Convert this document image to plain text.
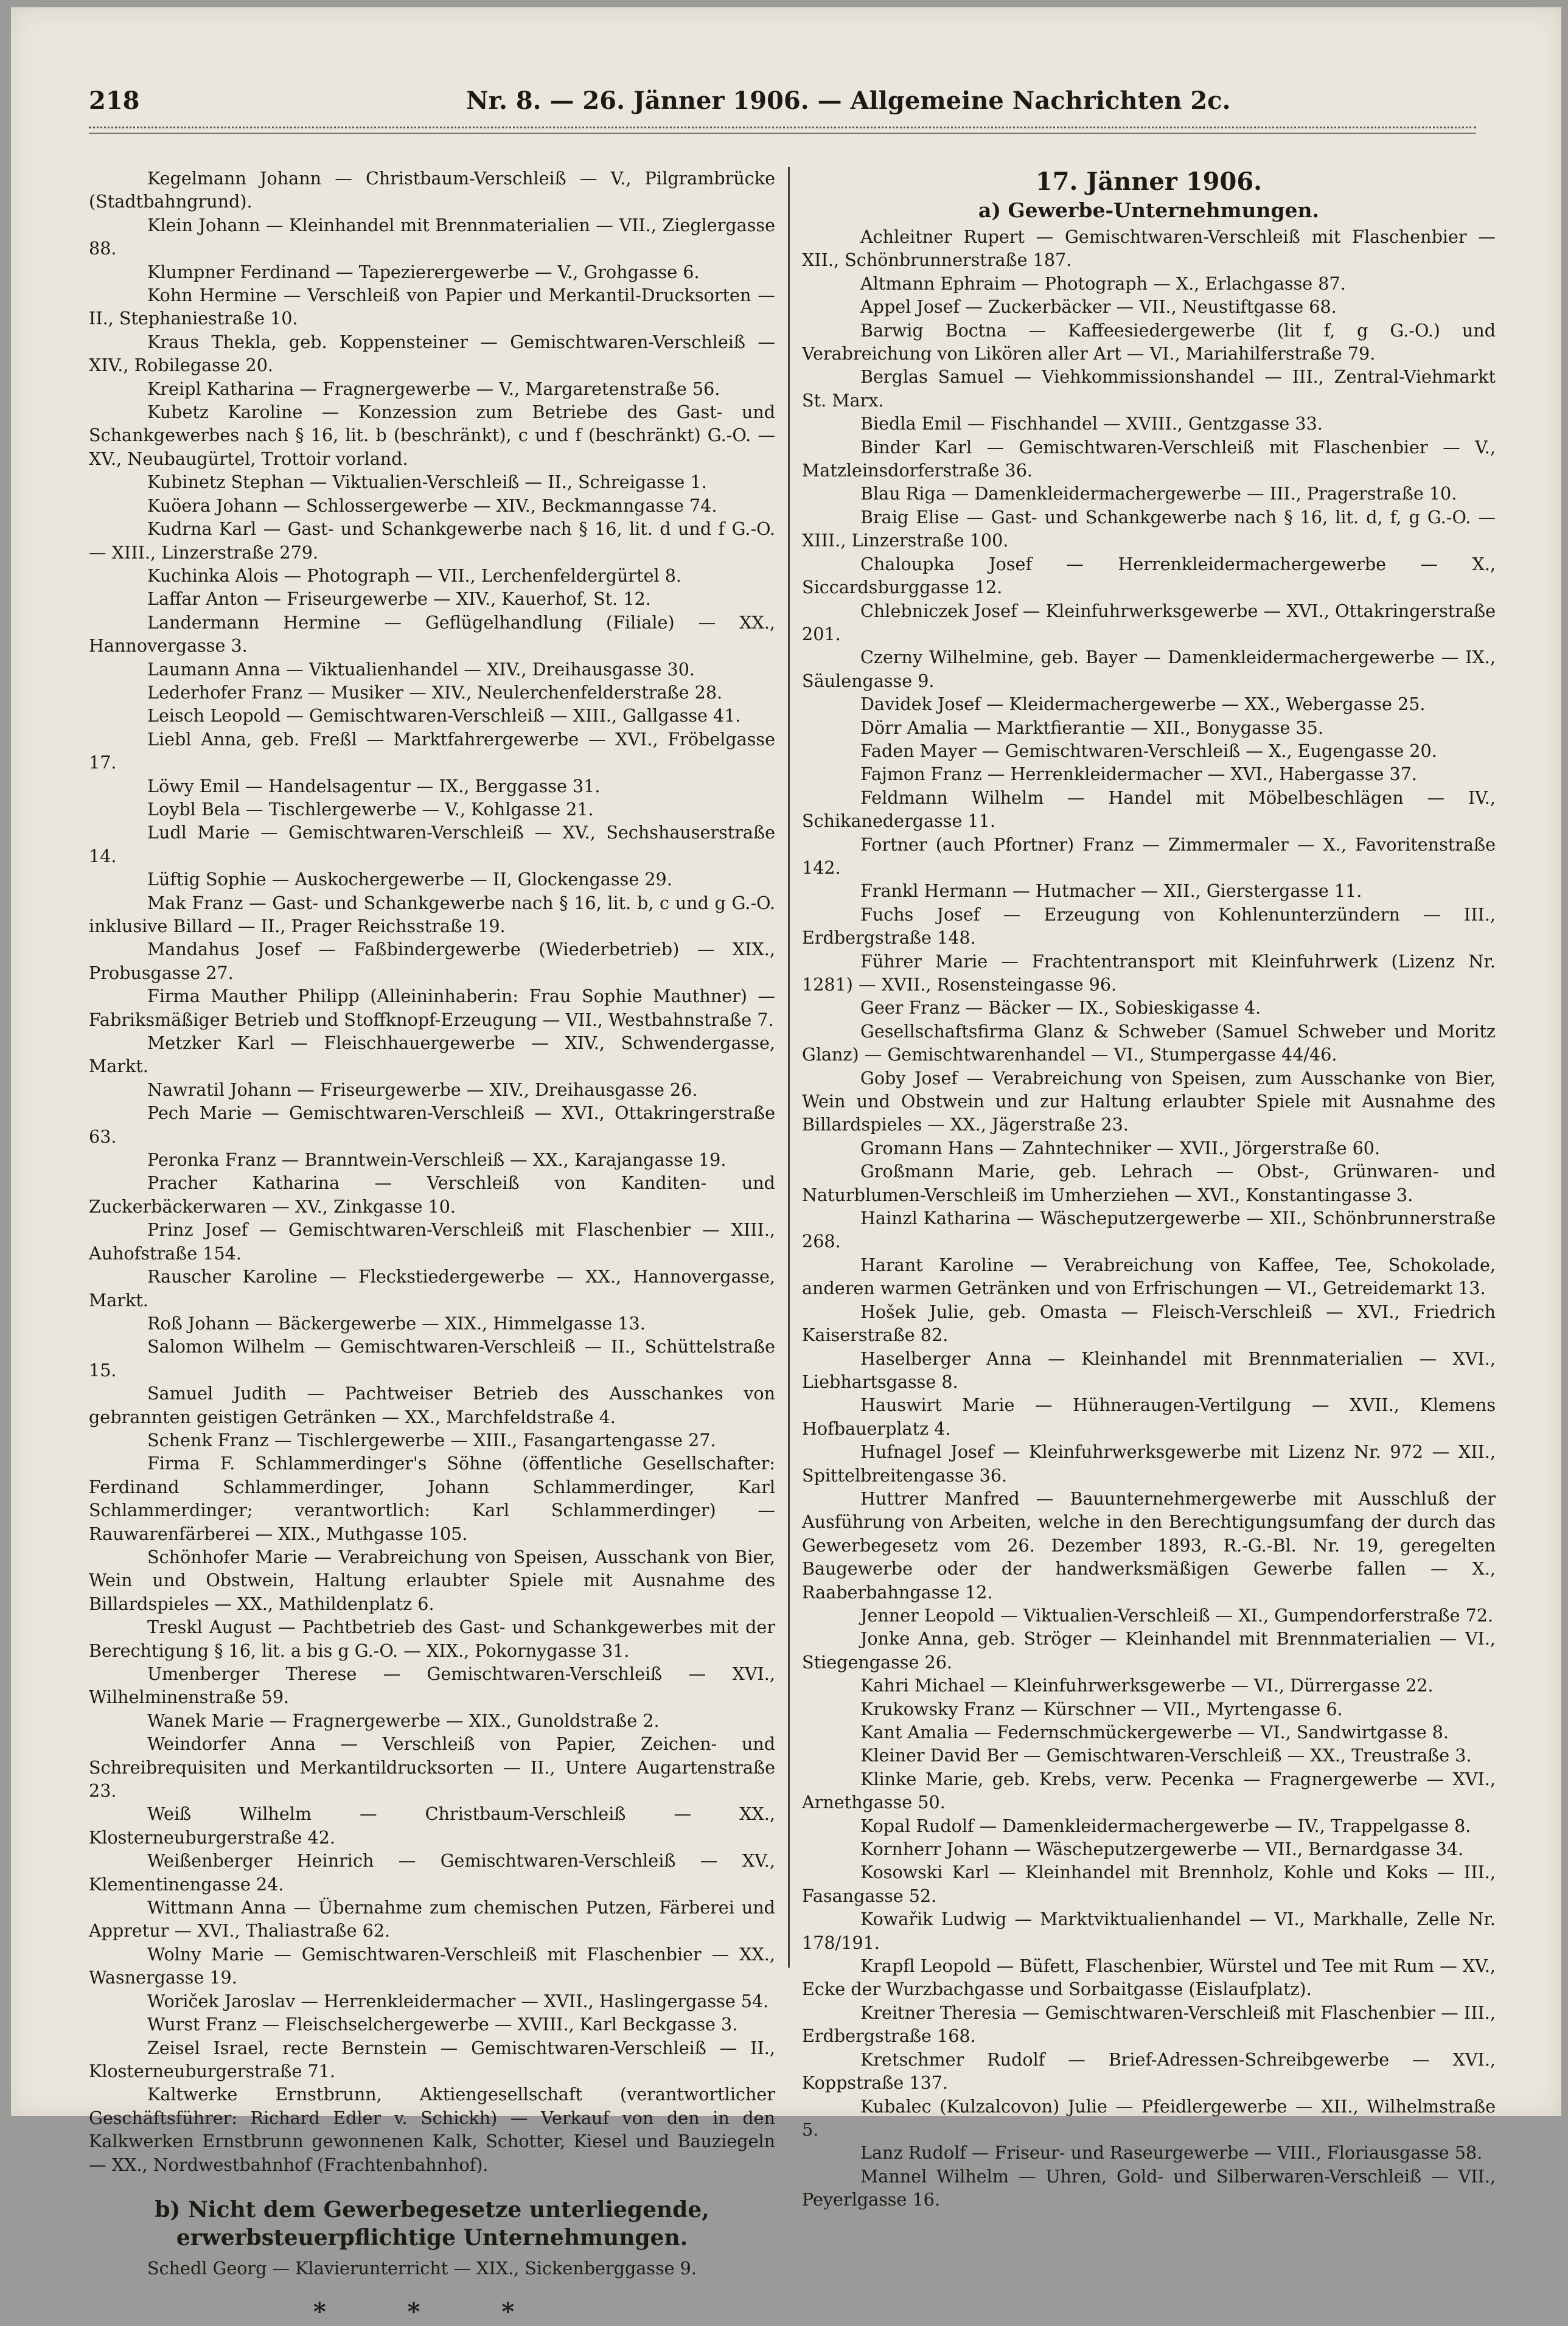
218	Nr. 8. — 26. Jänner 1906. — Allgemeine Nachrichten 2c.

Kegelmann Johann — Christbaum-Verschleiß — V., Pilgrambrücke (Stadtbahngrund).

Klein Johann — Kleinhandel mit Brennmaterialien — VII., Zieglergasse 88.

Klumpner Ferdinand — Tapezierergewerbe — V., Grohgasse 6.

Kohn Hermine — Verschleiß von Papier und Merkantil-Drucksorten — II., Stephaniestraße 10.

Kraus Thekla, geb. Koppensteiner — Gemischtwaren-Verschleiß — XIV., Robilegasse 20.

Kreipl Katharina — Fragnergewerbe — V., Margaretenstraße 56.

Kubetz Karoline — Konzession zum Betriebe des Gast- und Schankgewerbes nach § 16, lit. b (beschränkt), c und f (beschränkt) G.-O. — XV., Neubaugürtel, Trottoir vorland.

Kubinetz Stephan — Viktualien-Verschleiß — II., Schreigasse 1.

Kuöera Johann — Schlossergewerbe — XIV., Beckmanngasse 74.

Kudrna Karl — Gast- und Schankgewerbe nach § 16, lit. d und f G.-O. — XIII., Linzerstraße 279.

Kuchinka Alois — Photograph — VII., Lerchenfeldergürtel 8.

Laffar Anton — Friseurgewerbe — XIV., Kauerhof, St. 12.

Landermann Hermine — Geflügelhandlung (Filiale) — XX., Hannovergasse 3.

Laumann Anna — Viktualienhandel — XIV., Dreihausgasse 30.

Lederhofer Franz — Musiker — XIV., Neulerchenfelderstraße 28.

Leisch Leopold — Gemischtwaren-Verschleiß — XIII., Gallgasse 41.

Liebl Anna, geb. Freßl — Marktfahrergewerbe — XVI., Fröbelgasse 17.

Löwy Emil — Handelsagentur — IX., Berggasse 31.

Loybl Bela — Tischlergewerbe — V., Kohlgasse 21.

Ludl Marie — Gemischtwaren-Verschleiß — XV., Sechshauserstraße 14.

Lüftig Sophie — Auskochergewerbe — II, Glockengasse 29.

Mak Franz — Gast- und Schankgewerbe nach § 16, lit. b, c und g G.-O. inklusive Billard — II., Prager Reichsstraße 19.

Mandahus Josef — Faßbindergewerbe (Wiederbetrieb) — XIX., Probusgasse 27.

Firma Mauther Philipp (Alleininhaberin: Frau Sophie Mauthner) — Fabriksmäßiger Betrieb und Stoffknopf-Erzeugung — VII., Westbahnstraße 7.

Metzker Karl — Fleischhauergewerbe — XIV., Schwendergasse, Markt.

Nawratil Johann — Friseurgewerbe — XIV., Dreihausgasse 26.

Pech Marie — Gemischtwaren-Verschleiß — XVI., Ottakringerstraße 63.

Peronka Franz — Branntwein-Verschleiß — XX., Karajangasse 19.

Pracher Katharina — Verschleiß von Kanditen- und Zuckerbäckerwaren — XV., Zinkgasse 10.

Prinz Josef — Gemischtwaren-Verschleiß mit Flaschenbier — XIII., Auhofstraße 154.

Rauscher Karoline — Fleckstiedergewerbe — XX., Hannovergasse, Markt.

Roß Johann — Bäckergewerbe — XIX., Himmelgasse 13.

Salomon Wilhelm — Gemischtwaren-Verschleiß — II., Schüttelstraße 15.

Samuel Judith — Pachtweiser Betrieb des Ausschankes von gebrannten geistigen Getränken — XX., Marchfeldstraße 4.

Schenk Franz — Tischlergewerbe — XIII., Fasangartengasse 27.

Firma F. Schlammerdinger's Söhne (öffentliche Gesellschafter: Ferdinand Schlammerdinger, Johann Schlammerdinger, Karl Schlammerdinger; verantwortlich: Karl Schlammerdinger) — Rauwarenfärberei — XIX., Muthgasse 105.

Schönhofer Marie — Verabreichung von Speisen, Ausschank von Bier, Wein und Obstwein, Haltung erlaubter Spiele mit Ausnahme des Billardspieles — XX., Mathildenplatz 6.

Treskl August — Pachtbetrieb des Gast- und Schankgewerbes mit der Berechtigung § 16, lit. a bis g G.-O. — XIX., Pokornygasse 31.

Umenberger Therese — Gemischtwaren-Verschleiß — XVI., Wilhelminenstraße 59.

Wanek Marie — Fragnergewerbe — XIX., Gunoldstraße 2.

Weindorfer Anna — Verschleiß von Papier, Zeichen- und Schreibrequisiten und Merkantildrucksorten — II., Untere Augartenstraße 23.

Weiß Wilhelm — Christbaum-Verschleiß — XX., Klosterneuburgerstraße 42.

Weißenberger Heinrich — Gemischtwaren-Verschleiß — XV., Klementinengasse 24.

Wittmann Anna — Übernahme zum chemischen Putzen, Färberei und Appretur — XVI., Thaliastraße 62.

Wolny Marie — Gemischtwaren-Verschleiß mit Flaschenbier — XX., Wasnergasse 19.

Woriček Jaroslav — Herrenkleidermacher — XVII., Haslingergasse 54.

Wurst Franz — Fleischselchergewerbe — XVIII., Karl Beckgasse 3.

Zeisel Israel, recte Bernstein — Gemischtwaren-Verschleiß — II., Klosterneuburgerstraße 71.

Kaltwerke Ernstbrunn, Aktiengesellschaft (verantwortlicher Geschäftsführer: Richard Edler v. Schickh) — Verkauf von den in den Kalkwerken Ernstbrunn gewonnenen Kalk, Schotter, Kiesel und Bauziegeln — XX., Nordwestbahnhof (Frachtenbahnhof).

b) Nicht dem Gewerbegesetze unterliegende, erwerbsteuerpflichtige Unternehmungen.

Schedl Georg — Klavierunterricht — XIX., Sickenberggasse 9.

* * *

17. Jänner 1906.

a) Gewerbe-Unternehmungen.

Achleitner Rupert — Gemischtwaren-Verschleiß mit Flaschenbier — XII., Schönbrunnerstraße 187.

Altmann Ephraim — Photograph — X., Erlachgasse 87.

Appel Josef — Zuckerbäcker — VII., Neustiftgasse 68.

Barwig Boctna — Kaffeesiedergewerbe (lit f, g G.-O.) und Verabreichung von Likören aller Art — VI., Mariahilferstraße 79.

Berglas Samuel — Viehkommissionshandel — III., Zentral-Viehmarkt St. Marx.

Biedla Emil — Fischhandel — XVIII., Gentzgasse 33.

Binder Karl — Gemischtwaren-Verschleiß mit Flaschenbier — V., Matzleinsdorferstraße 36.

Blau Riga — Damenkleidermachergewerbe — III., Pragerstraße 10.

Braig Elise — Gast- und Schankgewerbe nach § 16, lit. d, f, g G.-O. — XIII., Linzerstraße 100.

Chaloupka Josef — Herrenkleidermachergewerbe — X., Siccardsburggasse 12.

Chlebniczek Josef — Kleinfuhrwerksgewerbe — XVI., Ottakringerstraße 201.

Czerny Wilhelmine, geb. Bayer — Damenkleidermachergewerbe — IX., Säulengasse 9.

Davidek Josef — Kleidermachergewerbe — XX., Webergasse 25.

Dörr Amalia — Marktfierantie — XII., Bonygasse 35.

Faden Mayer — Gemischtwaren-Verschleiß — X., Eugengasse 20.

Fajmon Franz — Herrenkleidermacher — XVI., Habergasse 37.

Feldmann Wilhelm — Handel mit Möbelbeschlägen — IV., Schikanedergasse 11.

Fortner (auch Pfortner) Franz — Zimmermaler — X., Favoritenstraße 142.

Frankl Hermann — Hutmacher — XII., Gierstergasse 11.

Fuchs Josef — Erzeugung von Kohlenunterzündern — III., Erdbergstraße 148.

Führer Marie — Frachtentransport mit Kleinfuhrwerk (Lizenz Nr. 1281) — XVII., Rosensteingasse 96.

Geer Franz — Bäcker — IX., Sobieskigasse 4.

Gesellschaftsfirma Glanz & Schweber (Samuel Schweber und Moritz Glanz) — Gemischtwarenhandel — VI., Stumpergasse 44/46.

Goby Josef — Verabreichung von Speisen, zum Ausschanke von Bier, Wein und Obstwein und zur Haltung erlaubter Spiele mit Ausnahme des Billardspieles — XX., Jägerstraße 23.

Gromann Hans — Zahntechniker — XVII., Jörgerstraße 60.

Großmann Marie, geb. Lehrach — Obst-, Grünwaren- und Naturblumen-Verschleiß im Umherziehen — XVI., Konstantingasse 3.

Hainzl Katharina — Wäscheputzergewerbe — XII., Schönbrunnerstraße 268.

Harant Karoline — Verabreichung von Kaffee, Tee, Schokolade, anderen warmen Getränken und von Erfrischungen — VI., Getreidemarkt 13.

Hošek Julie, geb. Omasta — Fleisch-Verschleiß — XVI., Friedrich Kaiserstraße 82.

Haselberger Anna — Kleinhandel mit Brennmaterialien — XVI., Liebhartsgasse 8.

Hauswirt Marie — Hühneraugen-Vertilgung — XVII., Klemens Hofbauerplatz 4.

Hufnagel Josef — Kleinfuhrwerksgewerbe mit Lizenz Nr. 972 — XII., Spittelbreitengasse 36.

Huttrer Manfred — Bauunternehmergewerbe mit Ausschluß der Ausführung von Arbeiten, welche in den Berechtigungsumfang der durch das Gewerbegesetz vom 26. Dezember 1893, R.-G.-Bl. Nr. 19, geregelten Baugewerbe oder der handwerksmäßigen Gewerbe fallen — X., Raaberbahngasse 12.

Jenner Leopold — Viktualien-Verschleiß — XI., Gumpendorferstraße 72.

Jonke Anna, geb. Ströger — Kleinhandel mit Brennmaterialien — VI., Stiegengasse 26.

Kahri Michael — Kleinfuhrwerksgewerbe — VI., Dürrergasse 22.

Krukowsky Franz — Kürschner — VII., Myrtengasse 6.

Kant Amalia — Federnschmückergewerbe — VI., Sandwirtgasse 8.

Kleiner David Ber — Gemischtwaren-Verschleiß — XX., Treustraße 3.

Klinke Marie, geb. Krebs, verw. Pecenka — Fragnergewerbe — XVI., Arnethgasse 50.

Kopal Rudolf — Damenkleidermachergewerbe — IV., Trappelgasse 8.

Kornherr Johann — Wäscheputzergewerbe — VII., Bernardgasse 34.

Kosowski Karl — Kleinhandel mit Brennholz, Kohle und Koks — III., Fasangasse 52.

Kowařik Ludwig — Marktviktualienhandel — VI., Markhalle, Zelle Nr. 178/191.

Krapfl Leopold — Büfett, Flaschenbier, Würstel und Tee mit Rum — XV., Ecke der Wurzbachgasse und Sorbaitgasse (Eislaufplatz).

Kreitner Theresia — Gemischtwaren-Verschleiß mit Flaschenbier — III., Erdbergstraße 168.

Kretschmer Rudolf — Brief-Adressen-Schreibgewerbe — XVI., Koppstraße 137.

Kubalec (Kulzalcovon) Julie — Pfeidlergewerbe — XII., Wilhelmstraße 5.

Lanz Rudolf — Friseur- und Raseurgewerbe — VIII., Floriausgasse 58.

Mannel Wilhelm — Uhren, Gold- und Silberwaren-Verschleiß — VII., Peyerlgasse 16.
